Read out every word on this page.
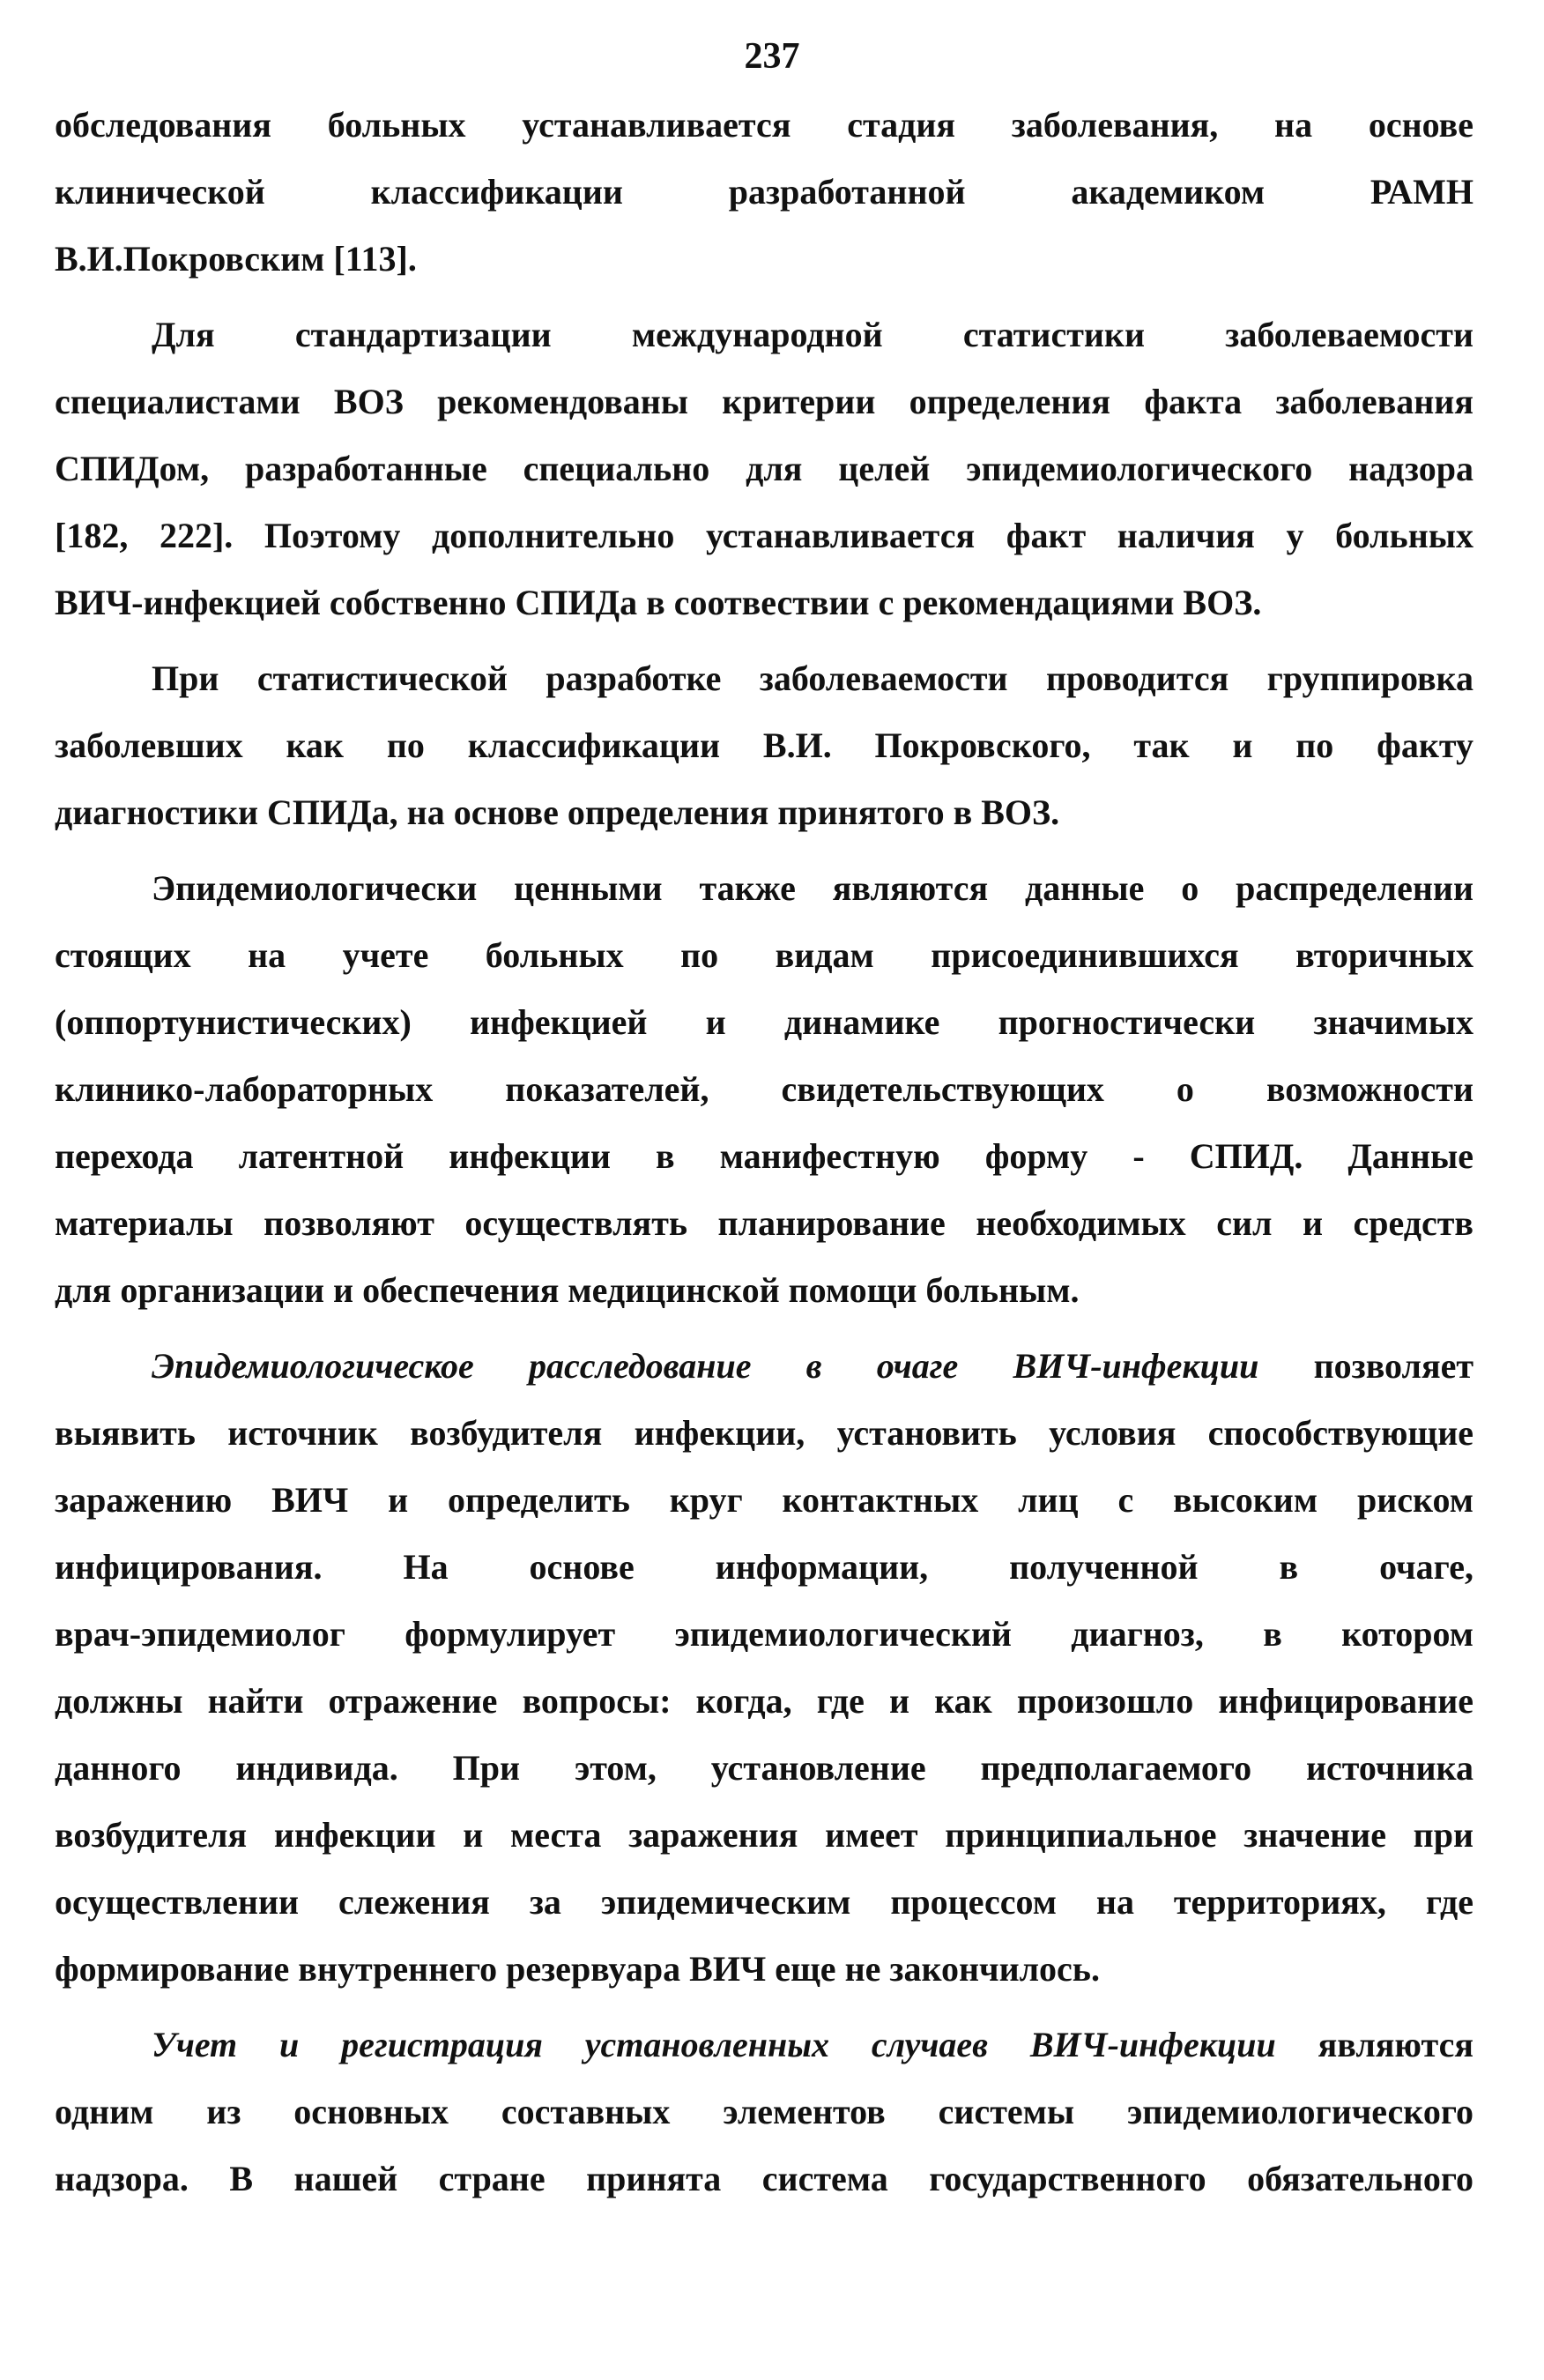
237
обследования больных устанавливается стадия заболевания, на основе
клинической классификации разработанной академиком РАМН
В.И.Покровским [113].
Для стандартизации международной статистики заболеваемости
специалистами ВОЗ рекомендованы критерии определения факта заболевания
СПИДом, разработанные специально для целей эпидемиологического надзора
[182, 222]. Поэтому дополнительно устанавливается факт наличия у больных
ВИЧ-инфекцией собственно СПИДа в соотвествии с рекомендациями ВОЗ.
При статистической разработке заболеваемости проводится группировка
заболевших как по классификации В.И. Покровского, так и по факту
диагностики СПИДа, на основе определения принятого в ВОЗ.
Эпидемиологически ценными также являются данные о распределении
стоящих на учете больных по видам присоединившихся вторичных
(оппортунистических) инфекцией и динамике прогностически значимых
клинико-лабораторных показателей, свидетельствующих о возможности
перехода латентной инфекции в манифестную форму - СПИД. Данные
материалы позволяют осуществлять планирование необходимых сил и средств
для организации и обеспечения медицинской помощи больным.
Эпидемиологическое расследование в очаге ВИЧ-инфекции позволяет
выявить источник возбудителя инфекции, установить условия способствующие
заражению ВИЧ и определить круг контактных лиц с высоким риском
инфицирования. На основе информации, полученной в очаге,
врач-эпидемиолог формулирует эпидемиологический диагноз, в котором
должны найти отражение вопросы: когда, где и как произошло инфицирование
данного индивида. При этом, установление предполагаемого источника
возбудителя инфекции и места заражения имеет принципиальное значение при
осуществлении слежения за эпидемическим процессом на территориях, где
формирование внутреннего резервуара ВИЧ еще не закончилось.
Учет и регистрация установленных случаев ВИЧ-инфекции являются
одним из основных составных элементов системы эпидемиологического
надзора. В нашей стране принята система государственного обязательного
